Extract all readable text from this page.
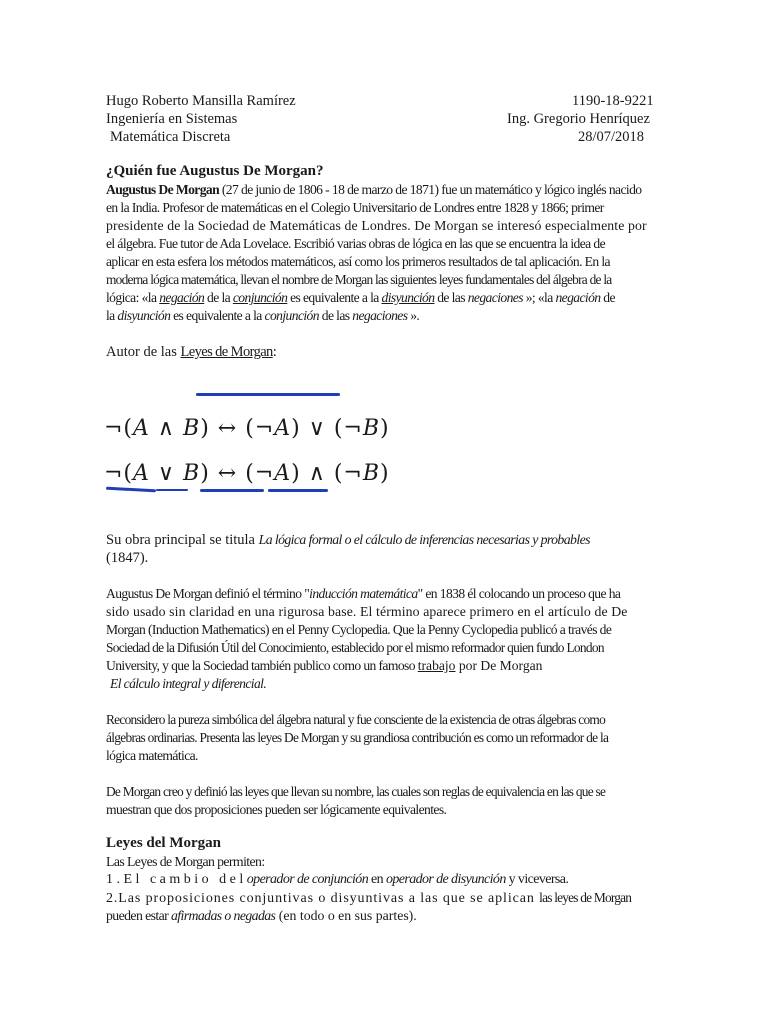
Hugo Roberto Mansilla Ramírez	1190-18-9221
Ingeniería en Sistemas	Ing. Gregorio Henríquez
Matemática Discreta	28/07/2018
¿Quién fue Augustus De Morgan?
Augustus De Morgan (27 de junio de 1806 - 18 de marzo de 1871) fue un matemático y lógico inglés nacido
en la India. Profesor de matemáticas en el Colegio Universitario de Londres entre 1828 y 1866; primer
presidente de la Sociedad de Matemáticas de Londres. De Morgan se interesó especialmente por
el álgebra. Fue tutor de Ada Lovelace. Escribió varias obras de lógica en las que se encuentra la idea de
aplicar en esta esfera los métodos matemáticos, así como los primeros resultados de tal aplicación. En la
moderna lógica matemática, llevan el nombre de Morgan las siguientes leyes fundamentales del álgebra de la
lógica: «la negación de la conjunción es equivalente a la disyunción de las negaciones »; «la negación de
la disyunción es equivalente a la conjunción de las negaciones ».
Autor de las Leyes de Morgan:
¬(A ∧ B) ↔ (¬A) ∨ (¬B)
¬(A ∨ B) ↔ (¬A) ∧ (¬B)
Su obra principal se titula La lógica formal o el cálculo de inferencias necesarias y probables
(1847).
Augustus De Morgan definió el término "inducción matemática" en 1838 él colocando un proceso que ha
sido usado sin claridad en una rigurosa base. El término aparece primero en el artículo de De
Morgan (Induction Mathematics) en el Penny Cyclopedia. Que la Penny Cyclopedia publicó a través de
Sociedad de la Difusión Útil del Conocimiento, establecido por el mismo reformador quien fundo London
University, y que la Sociedad también publico como un famoso trabajo por De Morgan
El cálculo integral y diferencial.
Reconsidero la pureza simbólica del álgebra natural y fue consciente de la existencia de otras álgebras como
álgebras ordinarias. Presenta las leyes De Morgan y su grandiosa contribución es como un reformador de la
lógica matemática.
De Morgan creo y definió las leyes que llevan su nombre, las cuales son reglas de equivalencia en las que se
muestran que dos proposiciones pueden ser lógicamente equivalentes.
Leyes del Morgan
Las Leyes de Morgan permiten:
1 . E l   c a m b i o   d e l operador de conjunción en operador de disyunción y viceversa.
2.Las proposiciones conjuntivas o disyuntivas a las que se aplican las leyes de Morgan
pueden estar afirmadas o negadas (en todo o en sus partes).
